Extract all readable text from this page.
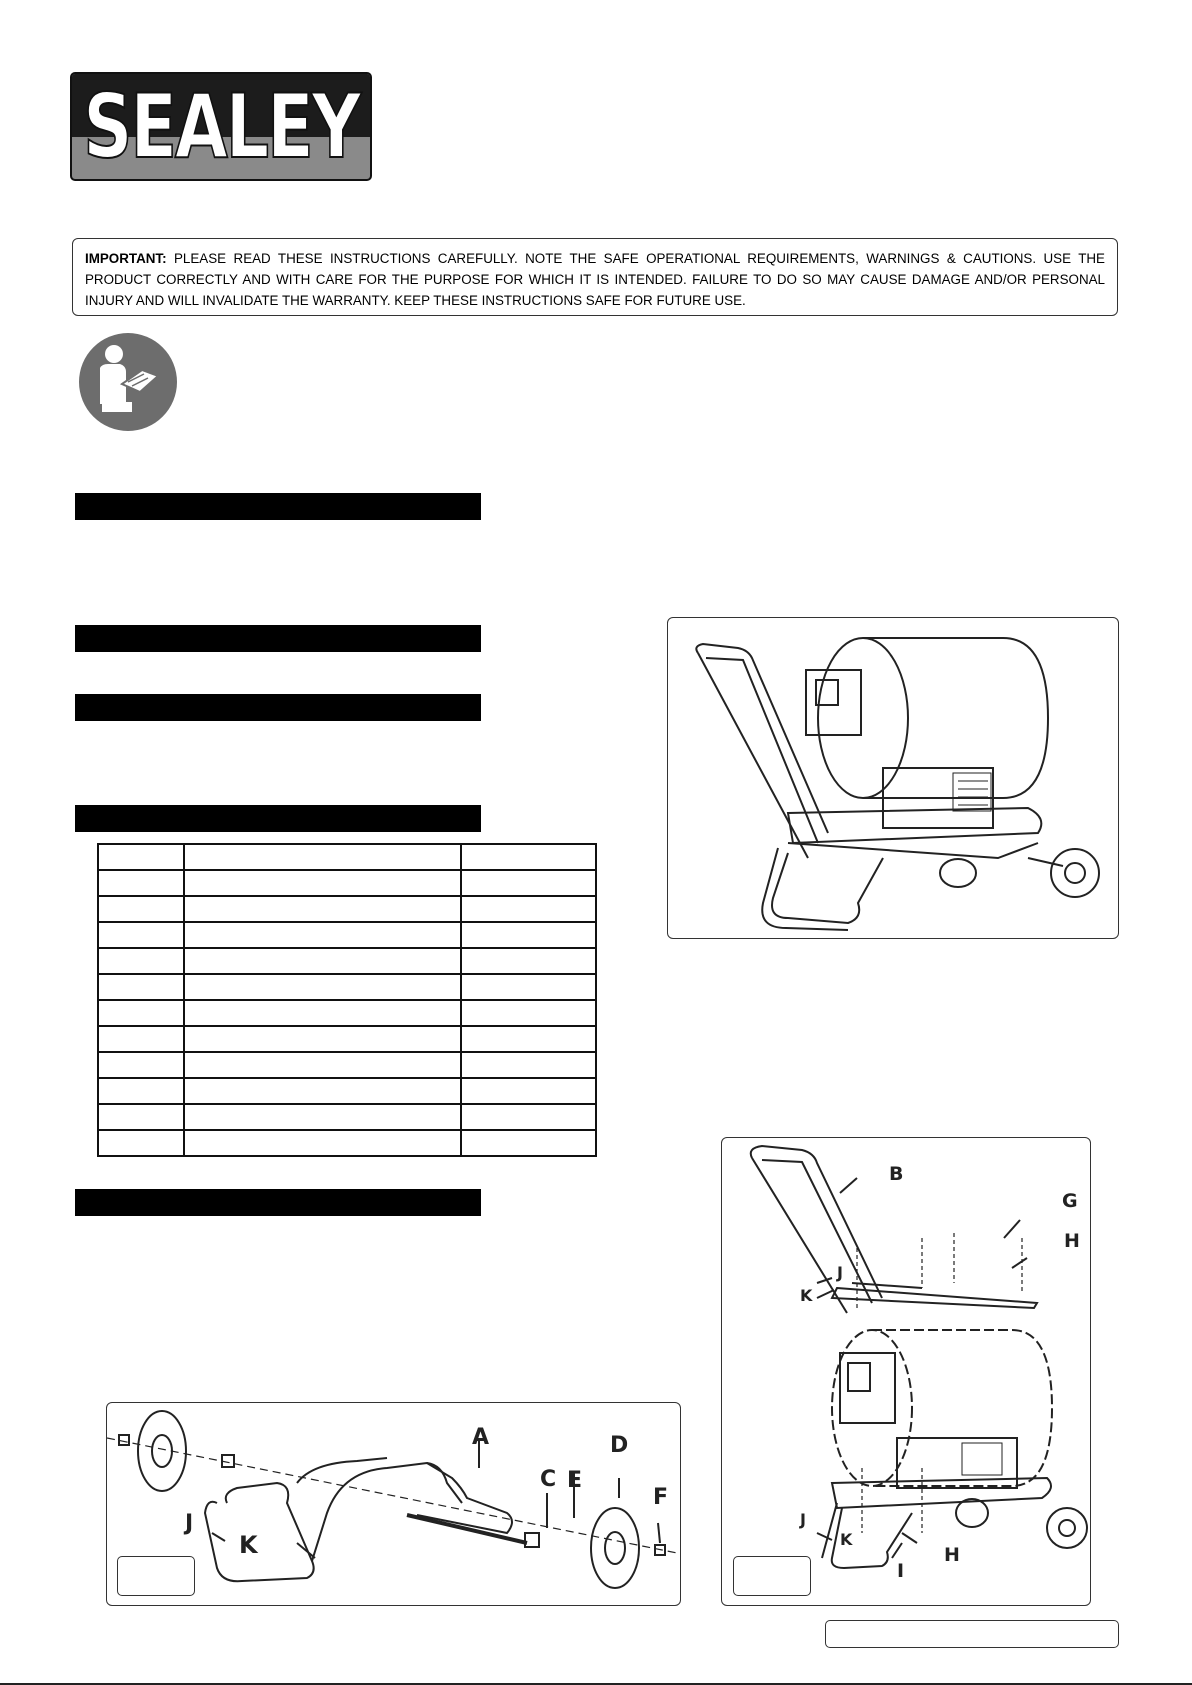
SEALEY
IMPORTANT: PLEASE READ THESE INSTRUCTIONS CAREFULLY. NOTE THE SAFE OPERATIONAL REQUIREMENTS, WARNINGS & CAUTIONS. USE THE PRODUCT CORRECTLY AND WITH CARE FOR THE PURPOSE FOR WHICH IT IS INTENDED. FAILURE TO DO SO MAY CAUSE DAMAGE AND/OR PERSONAL INJURY AND WILL INVALIDATE THE WARRANTY. KEEP THESE INSTRUCTIONS SAFE FOR FUTURE USE.

A
C E
D
F
J
K
B
G
H
J
K
J
K
H
I
